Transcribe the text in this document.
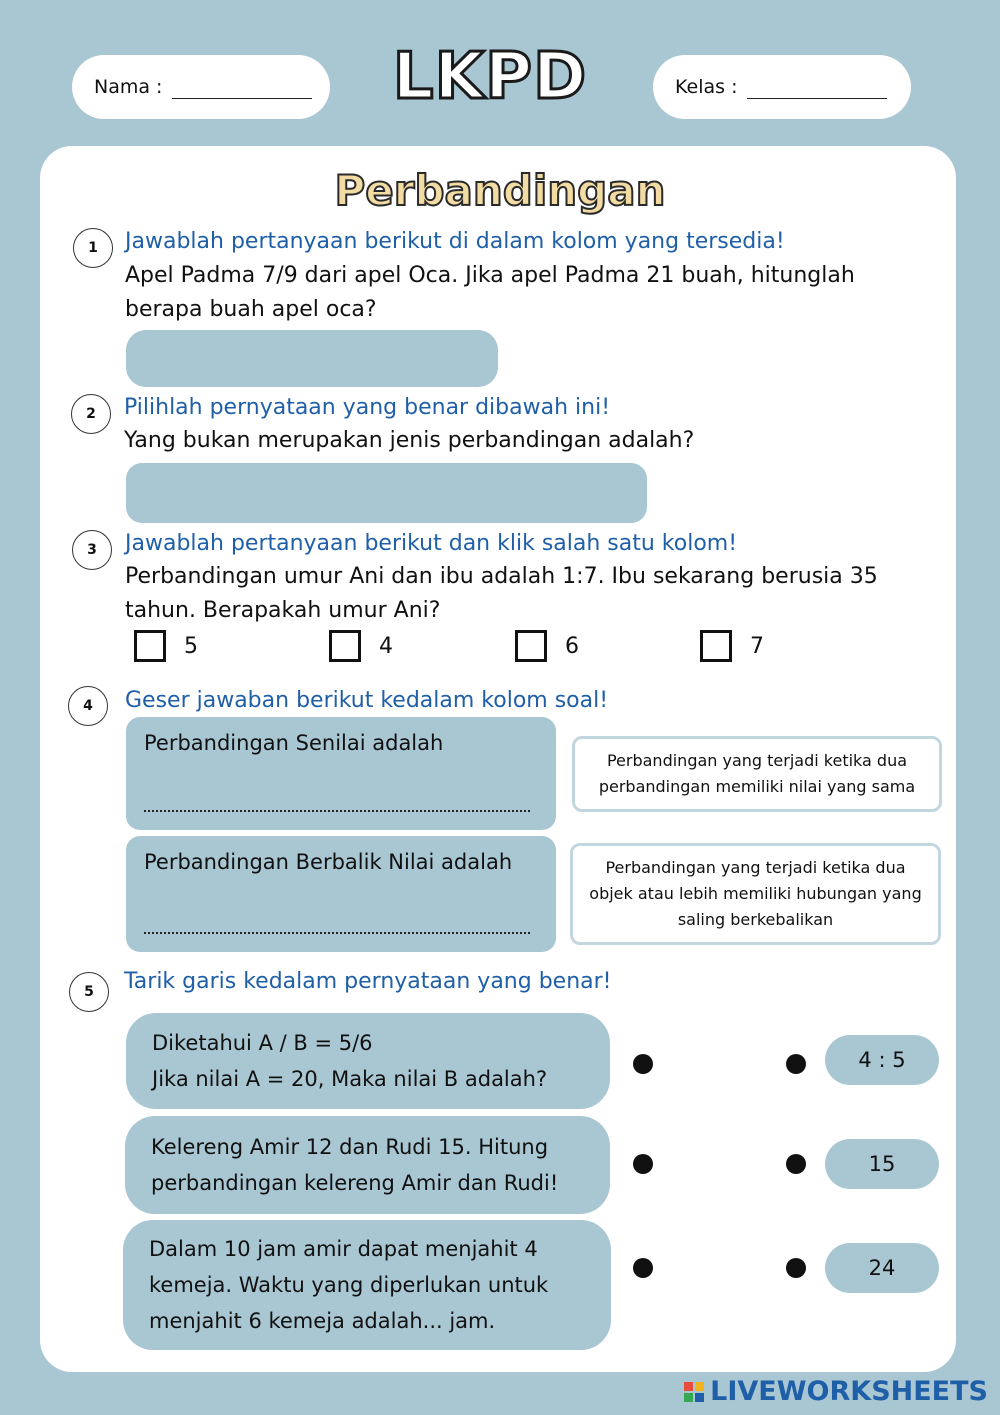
Nama :	LKPD	Kelas :
Perbandingan
1	Jawablah pertanyaan berikut di dalam kolom yang tersedia!
Apel Padma 7/9 dari apel Oca. Jika apel Padma 21 buah, hitunglah
berapa buah apel oca?
2	Pilihlah pernyataan yang benar dibawah ini!
Yang bukan merupakan jenis perbandingan adalah?
3	Jawablah pertanyaan berikut dan klik salah satu kolom!
Perbandingan umur Ani dan ibu adalah 1:7. Ibu sekarang berusia 35
tahun. Berapakah umur Ani?
5	4	6	7
4	Geser jawaban berikut kedalam kolom soal!
Perbandingan Senilai adalah
Perbandingan Berbalik Nilai adalah
Perbandingan yang terjadi ketika dua perbandingan memiliki nilai yang sama
Perbandingan yang terjadi ketika dua objek atau lebih memiliki hubungan yang saling berkebalikan
5	Tarik garis kedalam pernyataan yang benar!
Diketahui A / B = 5/6
Jika nilai A = 20, Maka nilai B adalah?
Kelereng Amir 12 dan Rudi 15. Hitung
perbandingan kelereng Amir dan Rudi!
Dalam 10 jam amir dapat menjahit 4
kemeja. Waktu yang diperlukan untuk
menjahit 6 kemeja adalah... jam.
4 : 5
15
24
LIVEWORKSHEETS
